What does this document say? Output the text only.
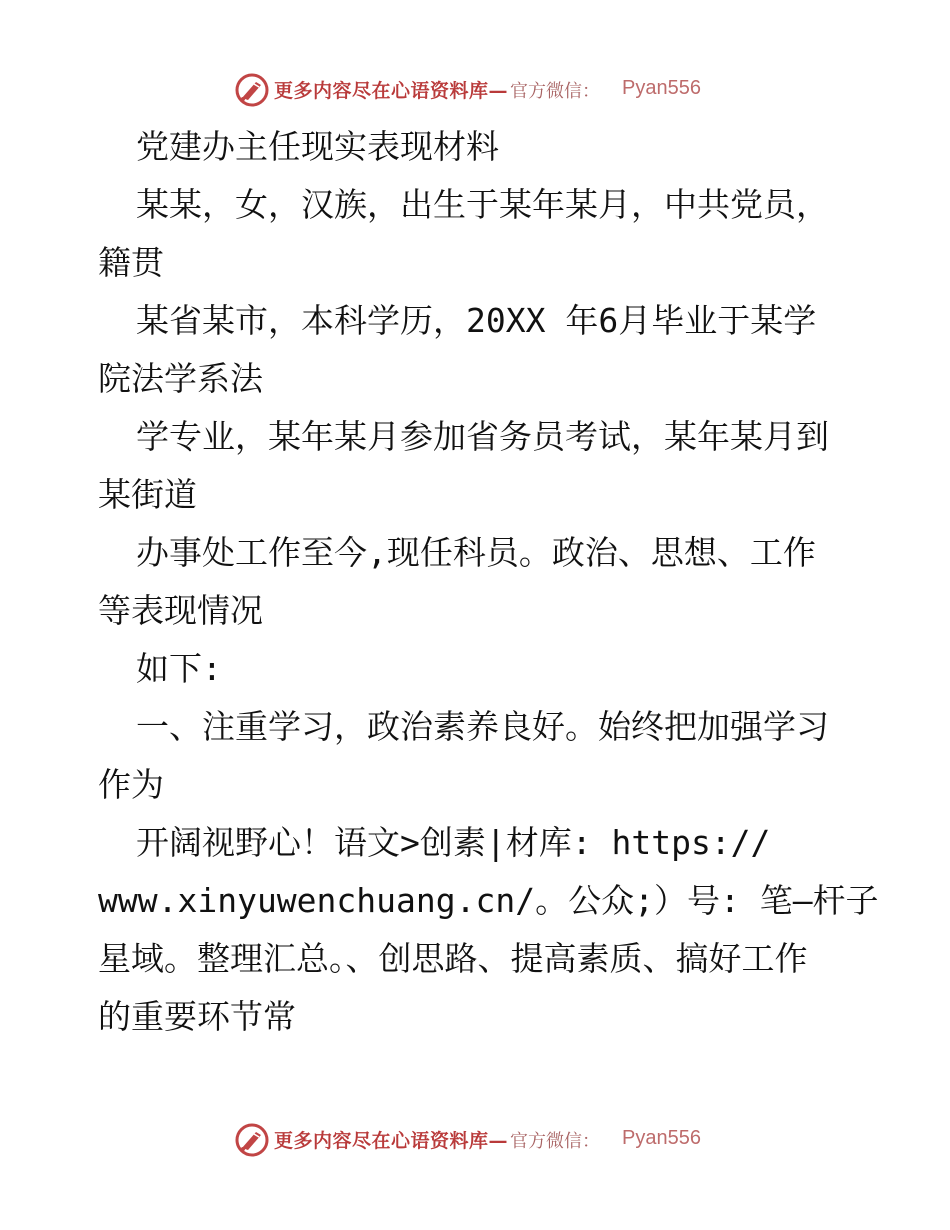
更多内容尽在心语资料库— 官方微信： Pyan556

党建办主任现实表现材料

某某，女，汉族，出生于某年某月，中共党员，

籍贯

某省某市，本科学历，20XX 年6月毕业于某学

院法学系法

学专业，某年某月参加省务员考试，某年某月到

某街道

办事处工作至今,现任科员。政治、思想、工作

等表现情况

如下:

一、注重学习，政治素养良好。始终把加强学习

作为

开阔视野心！语文>创素|材库: https://

www.xinyuwenchuang.cn/。公众;）号: 笔—杆子

星域。整理汇总。、创思路、提高素质、搞好工作

的重要环节常

更多内容尽在心语资料库— 官方微信： Pyan556
